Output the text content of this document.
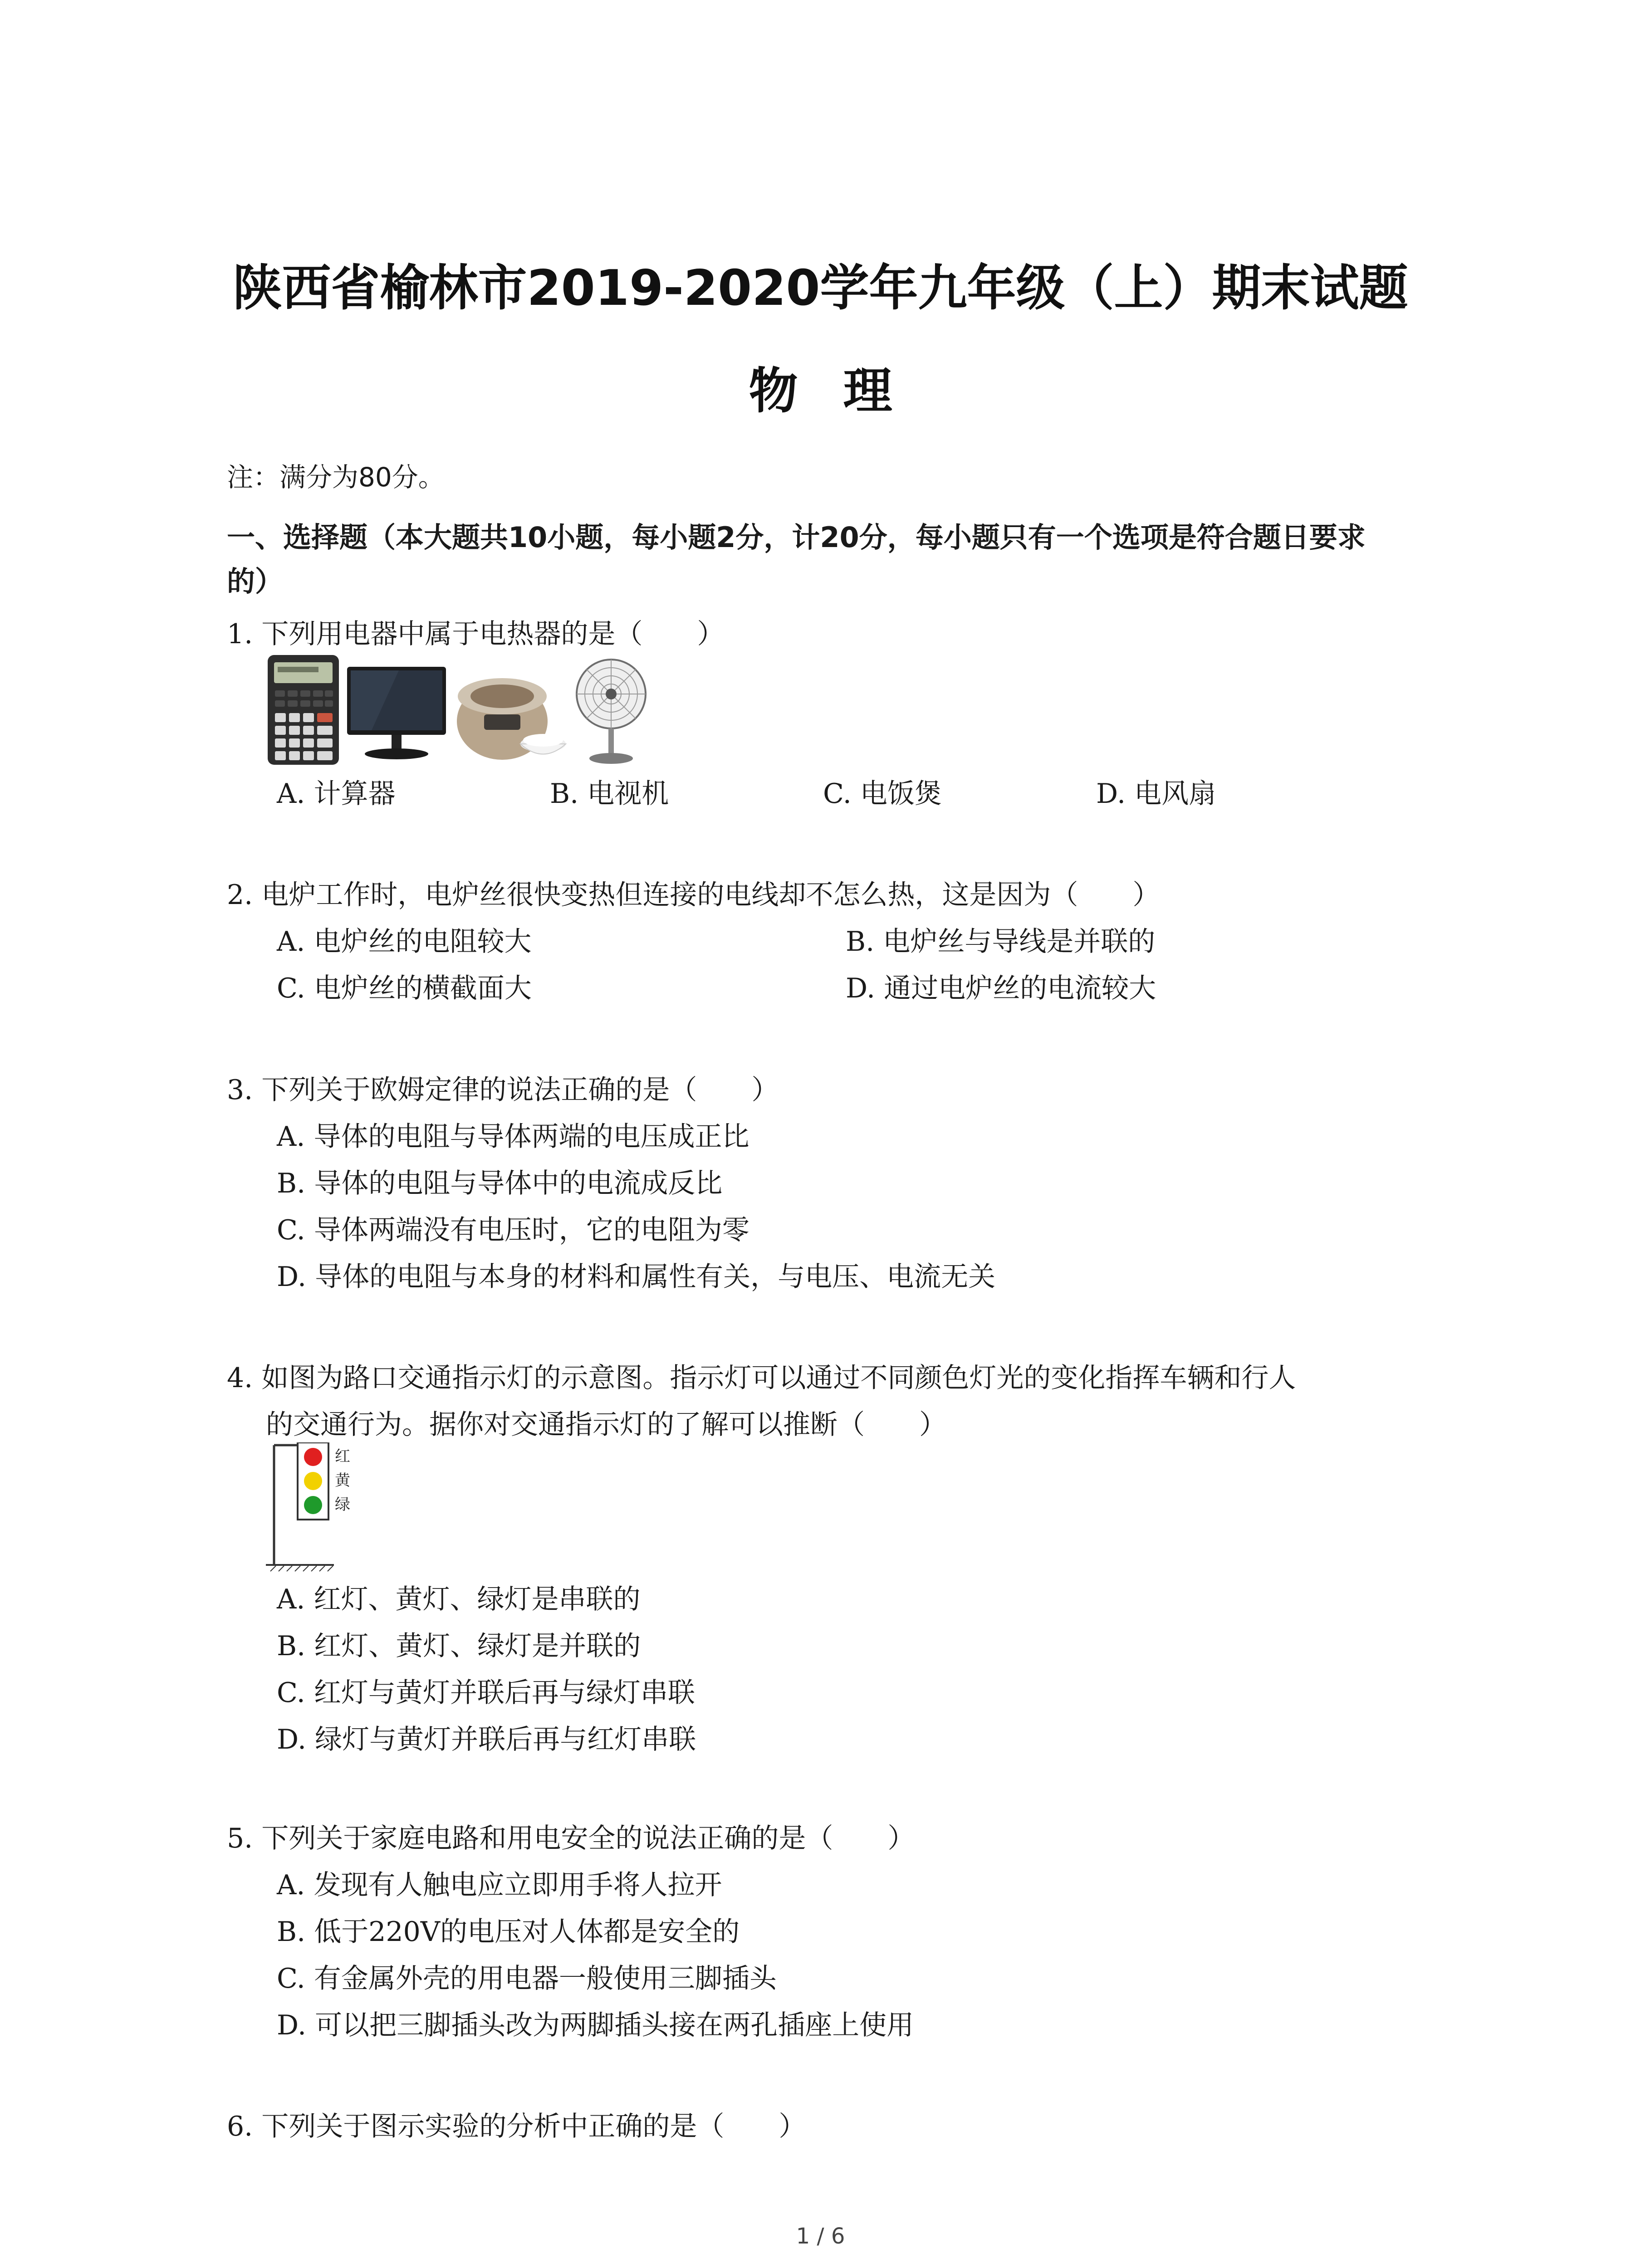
陕西省榆林市2019-2020学年九年级（上）期末试题
物理
注：满分为80分。
一、选择题（本大题共10小题，每小题2分，计20分，每小题只有一个选项是符合题日要求
的）
1. 下列用电器中属于电热器的是（　　）
A. 计算器	B. 电视机	C. 电饭煲	D. 电风扇
2. 电炉工作时，电炉丝很快变热但连接的电线却不怎么热，这是因为（　　）
A. 电炉丝的电阻较大	B. 电炉丝与导线是并联的
C. 电炉丝的横截面大	D. 通过电炉丝的电流较大
3. 下列关于欧姆定律的说法正确的是（　　）
A. 导体的电阻与导体两端的电压成正比
B. 导体的电阻与导体中的电流成反比
C. 导体两端没有电压时，它的电阻为零
D. 导体的电阻与本身的材料和属性有关，与电压、电流无关
4. 如图为路口交通指示灯的示意图。指示灯可以通过不同颜色灯光的变化指挥车辆和行人
的交通行为。据你对交通指示灯的了解可以推断（　　）
红
黄
绿
A. 红灯、黄灯、绿灯是串联的
B. 红灯、黄灯、绿灯是并联的
C. 红灯与黄灯并联后再与绿灯串联
D. 绿灯与黄灯并联后再与红灯串联
5. 下列关于家庭电路和用电安全的说法正确的是（　　）
A. 发现有人触电应立即用手将人拉开
B. 低于220V的电压对人体都是安全的
C. 有金属外壳的用电器一般使用三脚插头
D. 可以把三脚插头改为两脚插头接在两孔插座上使用
6. 下列关于图示实验的分析中正确的是（　　）
1 / 6
